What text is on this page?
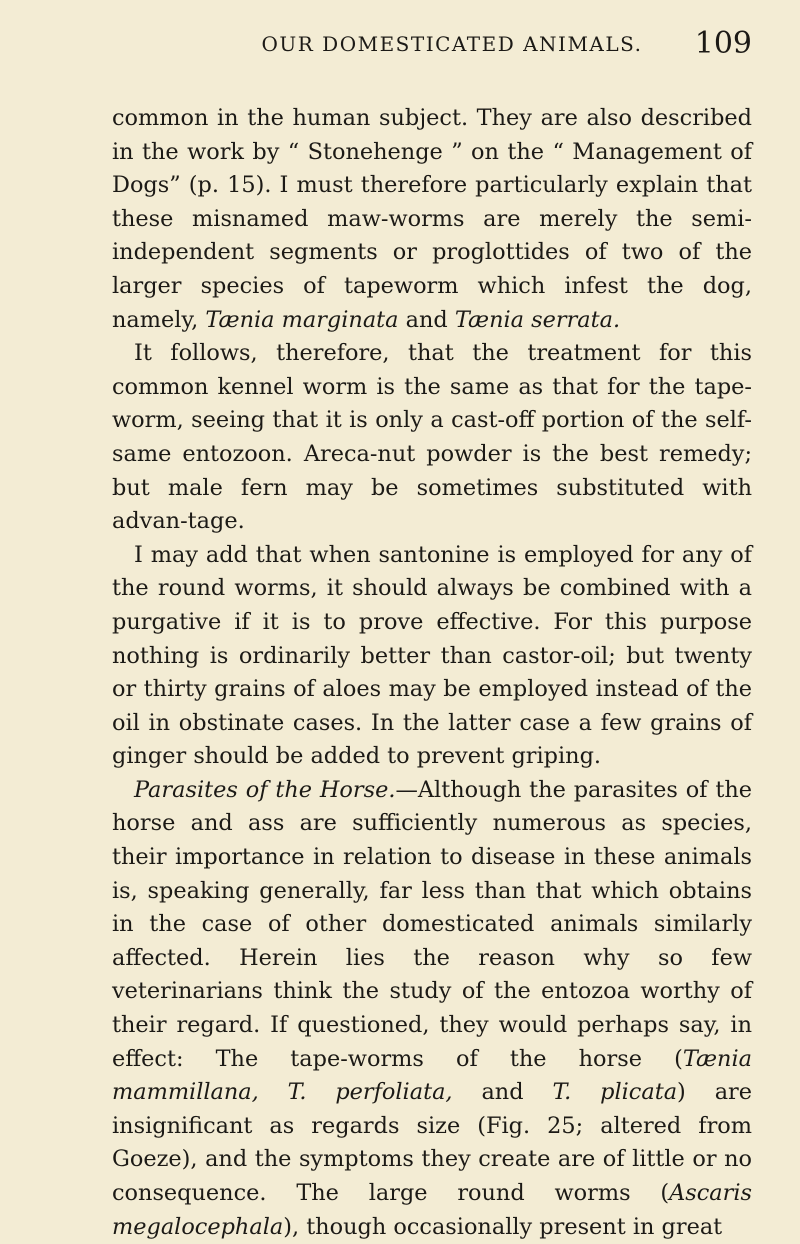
OUR DOMESTICATED ANIMALS.	109

common in the human subject. They are also described in the work by “ Stonehenge ” on the “ Management of Dogs” (p. 15). I must therefore particularly explain that these misnamed maw-worms are merely the semi-independent segments or proglottides of two of the larger species of tapeworm which infest the dog, namely, Tænia marginata and Tænia serrata.

It follows, therefore, that the treatment for this common kennel worm is the same as that for the tape-worm, seeing that it is only a cast-off portion of the self-same entozoon. Areca-nut powder is the best remedy; but male fern may be sometimes substituted with advan-tage.

I may add that when santonine is employed for any of the round worms, it should always be combined with a purgative if it is to prove effective. For this purpose nothing is ordinarily better than castor-oil; but twenty or thirty grains of aloes may be employed instead of the oil in obstinate cases. In the latter case a few grains of ginger should be added to prevent griping.

Parasites of the Horse.—Although the parasites of the horse and ass are sufficiently numerous as species, their importance in relation to disease in these animals is, speaking generally, far less than that which obtains in the case of other domesticated animals similarly affected. Herein lies the reason why so few veterinarians think the study of the entozoa worthy of their regard. If questioned, they would perhaps say, in effect: The tape-worms of the horse (Tænia mammillana, T. perfoliata, and T. plicata) are insignificant as regards size (Fig. 25; altered from Goeze), and the symptoms they create are of little or no consequence. The large round worms (Ascaris megalocephala), though occasionally present in great
